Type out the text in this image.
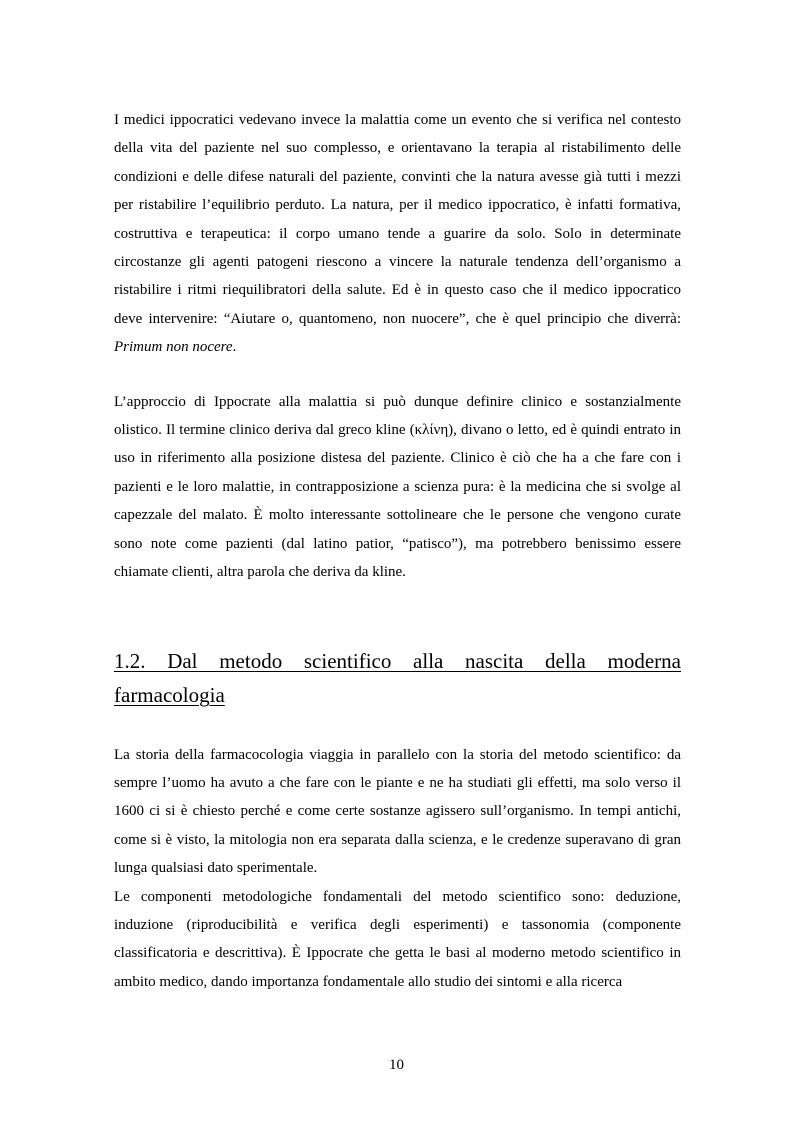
I medici ippocratici vedevano invece la malattia come un evento che si verifica nel contesto della vita del paziente nel suo complesso, e orientavano la terapia al ristabilimento delle condizioni e delle difese naturali del paziente, convinti che la natura avesse già tutti i mezzi per ristabilire l’equilibrio perduto. La natura, per il medico ippocratico, è infatti formativa, costruttiva e terapeutica: il corpo umano tende a guarire da solo. Solo in determinate circostanze gli agenti patogeni riescono a vincere la naturale tendenza dell’organismo a ristabilire i ritmi riequilibratori della salute. Ed è in questo caso che il medico ippocratico deve intervenire: “Aiutare o, quantomeno, non nuocere”, che è quel principio che diverrà: Primum non nocere.

L’approccio di Ippocrate alla malattia si può dunque definire clinico e sostanzialmente olistico. Il termine clinico deriva dal greco kline (κλίνη), divano o letto, ed è quindi entrato in uso in riferimento alla posizione distesa del paziente. Clinico è ciò che ha a che fare con i pazienti e le loro malattie, in contrapposizione a scienza pura: è la medicina che si svolge al capezzale del malato. È molto interessante sottolineare che le persone che vengono curate sono note come pazienti (dal latino patior, “patisco”), ma potrebbero benissimo essere chiamate clienti, altra parola che deriva da kline.

1.2. Dal metodo scientifico alla nascita della moderna farmacologia

La storia della farmacocologia viaggia in parallelo con la storia del metodo scientifico: da sempre l’uomo ha avuto a che fare con le piante e ne ha studiati gli effetti, ma solo verso il 1600 ci si è chiesto perché e come certe sostanze agissero sull’organismo. In tempi antichi, come si è visto, la mitologia non era separata dalla scienza, e le credenze superavano di gran lunga qualsiasi dato sperimentale.

Le componenti metodologiche fondamentali del metodo scientifico sono: deduzione, induzione (riproducibilità e verifica degli esperimenti) e tassonomia (componente classificatoria e descrittiva). È Ippocrate che getta le basi al moderno metodo scientifico in ambito medico, dando importanza fondamentale allo studio dei sintomi e alla ricerca

10
